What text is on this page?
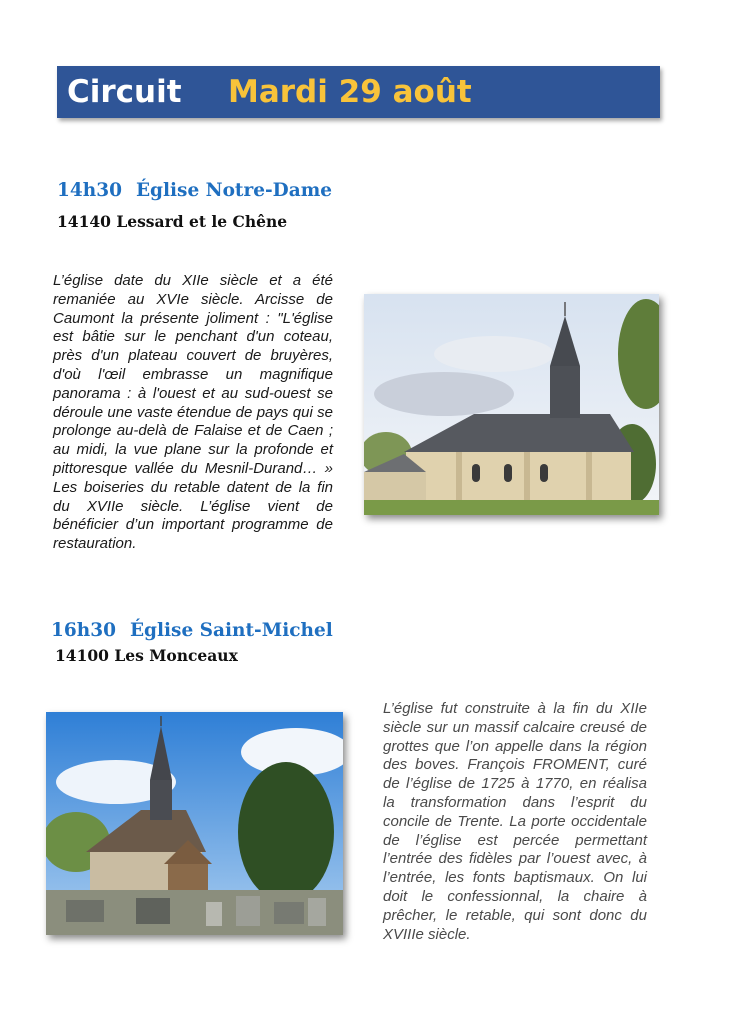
Circuit Mardi 29 août
14h30 Église Notre-Dame
14140 Lessard et le Chêne

L’église date du XIIe siècle et a été remaniée au XVIe siècle. Arcisse de Caumont la présente joliment : "L'église est bâtie sur le penchant d'un coteau, près d'un plateau couvert de bruyères, d'où l'œil embrasse un magnifique panorama : à l'ouest et au sud-ouest se déroule une vaste étendue de pays qui se prolonge au-delà de Falaise et de Caen ; au midi, la vue plane sur la profonde et pittoresque vallée du Mesnil-Durand… » Les boiseries du retable datent de la fin du XVIIe siècle. L’église vient de bénéficier d’un important programme de restauration.

16h30 Église Saint-Michel
14100 Les Monceaux

L’église fut construite à la fin du XIIe siècle sur un massif calcaire creusé de grottes que l’on appelle dans la région des boves. François FROMENT, curé de l’église de 1725 à 1770, en réalisa la transformation dans l’esprit du concile de Trente. La porte occidentale de l’église est percée permettant l’entrée des fidèles par l’ouest avec, à l’entrée, les fonts baptismaux. On lui doit le confessionnal, la chaire à prêcher, le retable, qui sont donc du XVIIIe siècle.
